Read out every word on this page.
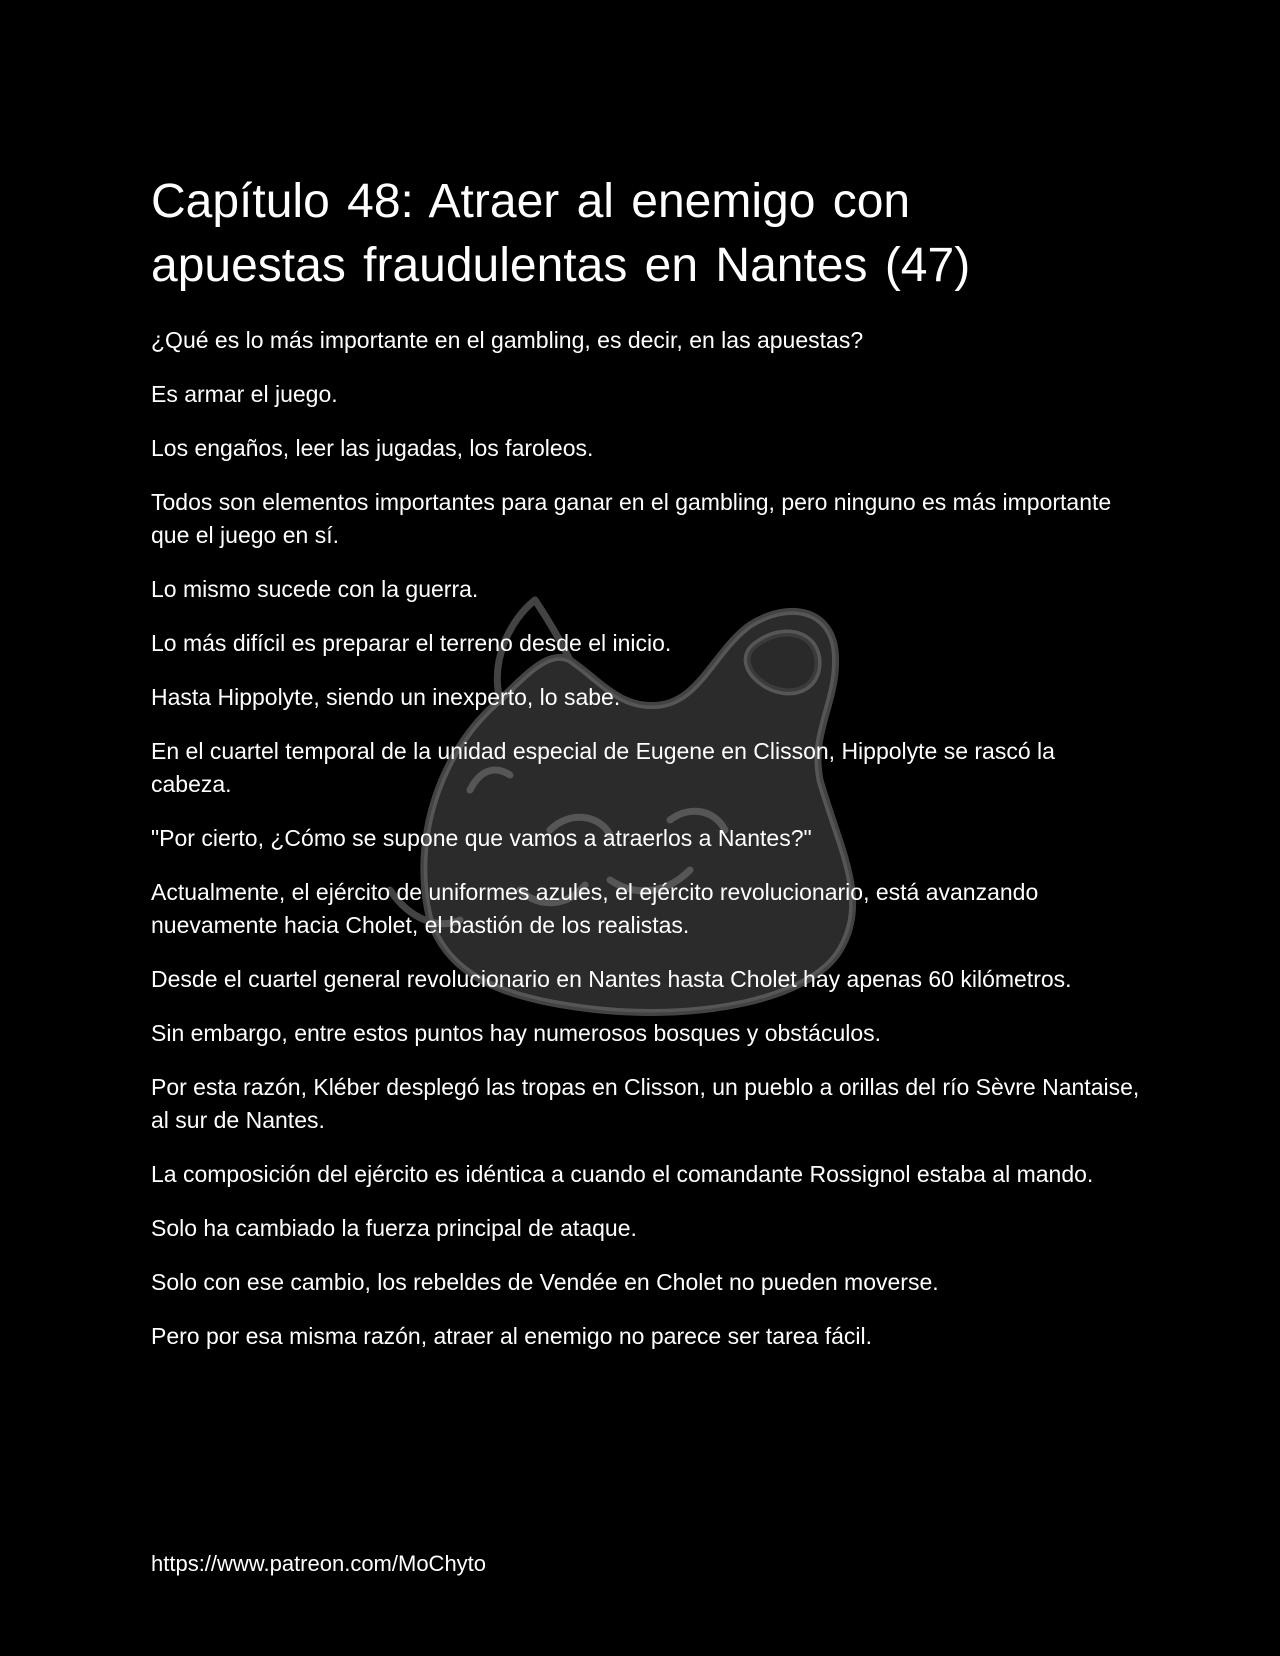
Capítulo 48: Atraer al enemigo con
apuestas fraudulentas en Nantes (47)

¿Qué es lo más importante en el gambling, es decir, en las apuestas?

Es armar el juego.

Los engaños, leer las jugadas, los faroleos.

Todos son elementos importantes para ganar en el gambling, pero ninguno es más importante que el juego en sí.

Lo mismo sucede con la guerra.

Lo más difícil es preparar el terreno desde el inicio.

Hasta Hippolyte, siendo un inexperto, lo sabe.

En el cuartel temporal de la unidad especial de Eugene en Clisson, Hippolyte se rascó la cabeza.

"Por cierto, ¿Cómo se supone que vamos a atraerlos a Nantes?"

Actualmente, el ejército de uniformes azules, el ejército revolucionario, está avanzando nuevamente hacia Cholet, el bastión de los realistas.

Desde el cuartel general revolucionario en Nantes hasta Cholet hay apenas 60 kilómetros.

Sin embargo, entre estos puntos hay numerosos bosques y obstáculos.

Por esta razón, Kléber desplegó las tropas en Clisson, un pueblo a orillas del río Sèvre Nantaise, al sur de Nantes.

La composición del ejército es idéntica a cuando el comandante Rossignol estaba al mando.

Solo ha cambiado la fuerza principal de ataque.

Solo con ese cambio, los rebeldes de Vendée en Cholet no pueden moverse.

Pero por esa misma razón, atraer al enemigo no parece ser tarea fácil.

https://www.patreon.com/MoChyto
